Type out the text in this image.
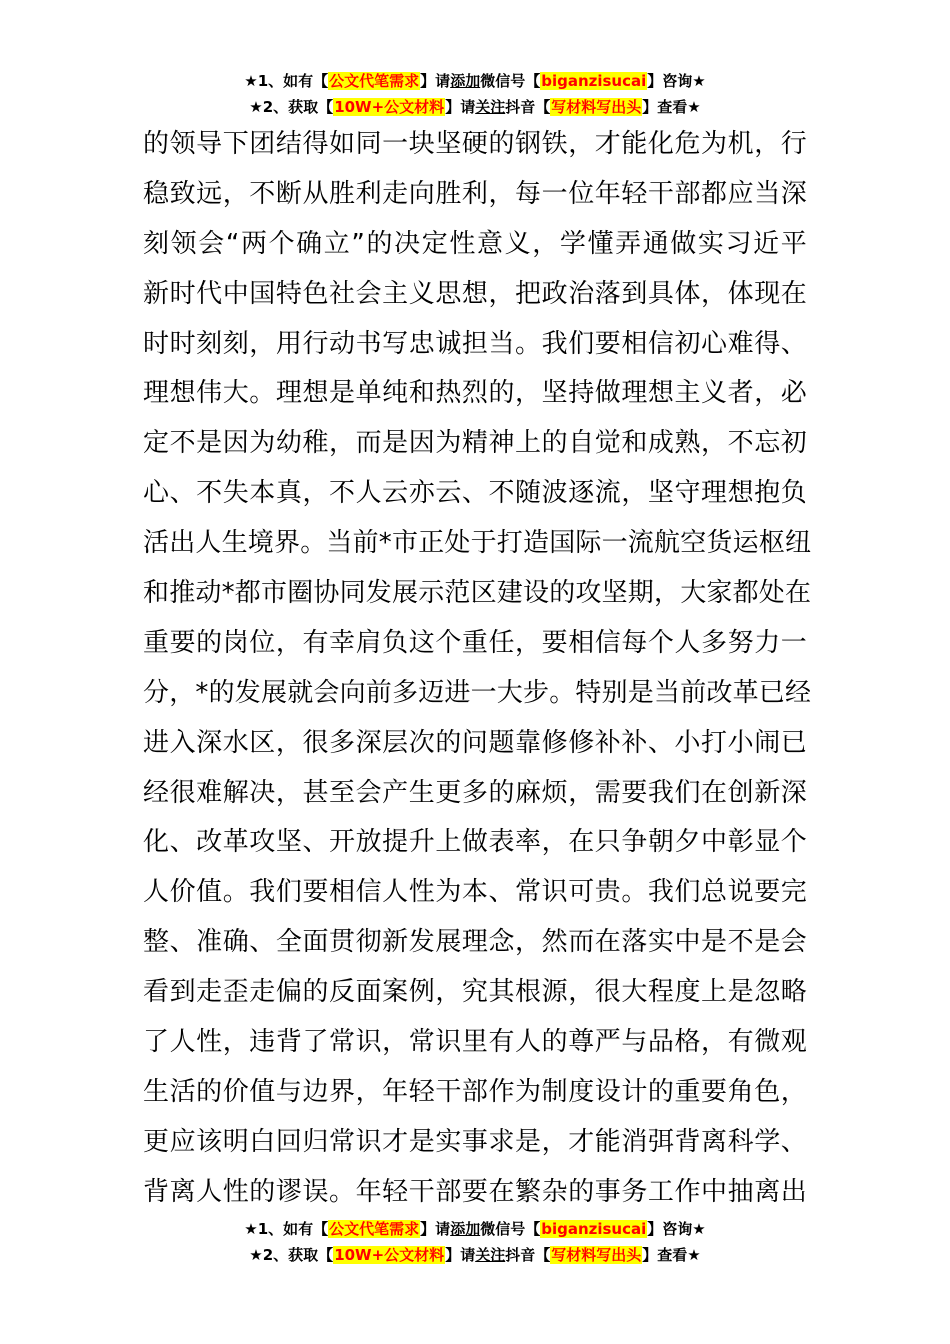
★1、如有【公文代笔需求】请添加微信号【biganzisucai】咨询★
★2、获取【10W+公文材料】请关注抖音【写材料写出头】查看★
的领导下团结得如同一块坚硬的钢铁，才能化危为机，行
稳致远，不断从胜利走向胜利，每一位年轻干部都应当深
刻领会“两个确立”的决定性意义，学懂弄通做实习近平
新时代中国特色社会主义思想，把政治落到具体，体现在
时时刻刻，用行动书写忠诚担当。我们要相信初心难得、
理想伟大。理想是单纯和热烈的，坚持做理想主义者，必
定不是因为幼稚，而是因为精神上的自觉和成熟，不忘初
心、不失本真，不人云亦云、不随波逐流，坚守理想抱负
活出人生境界。当前*市正处于打造国际一流航空货运枢纽
和推动*都市圈协同发展示范区建设的攻坚期，大家都处在
重要的岗位，有幸肩负这个重任，要相信每个人多努力一
分，*的发展就会向前多迈进一大步。特别是当前改革已经
进入深水区，很多深层次的问题靠修修补补、小打小闹已
经很难解决，甚至会产生更多的麻烦，需要我们在创新深
化、改革攻坚、开放提升上做表率，在只争朝夕中彰显个
人价值。我们要相信人性为本、常识可贵。我们总说要完
整、准确、全面贯彻新发展理念，然而在落实中是不是会
看到走歪走偏的反面案例，究其根源，很大程度上是忽略
了人性，违背了常识，常识里有人的尊严与品格，有微观
生活的价值与边界，年轻干部作为制度设计的重要角色，
更应该明白回归常识才是实事求是，才能消弭背离科学、
背离人性的谬误。年轻干部要在繁杂的事务工作中抽离出
★1、如有【公文代笔需求】请添加微信号【biganzisucai】咨询★
★2、获取【10W+公文材料】请关注抖音【写材料写出头】查看★
